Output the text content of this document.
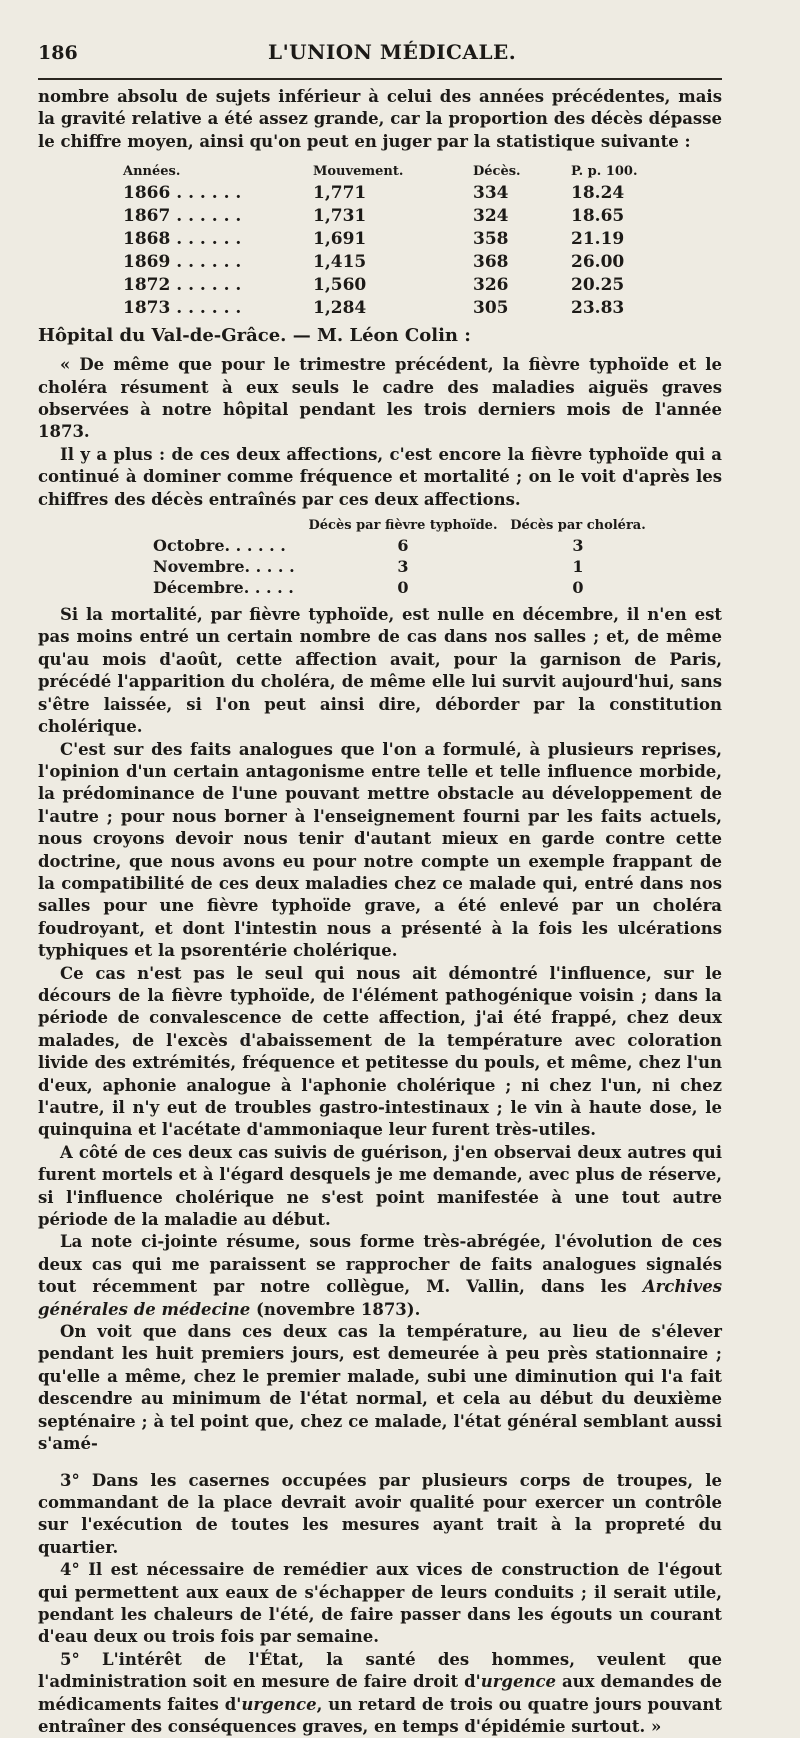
186	L'UNION MÉDICALE.

nombre absolu de sujets inférieur à celui des années précédentes, mais la gravité relative a été assez grande, car la proportion des décès dépasse le chiffre moyen, ainsi qu'on peut en juger par la statistique suivante :

Années.	Mouvement.	Décès.	P. p. 100.
1866 . . . . . .	1,771	334	18.24
1867 . . . . . .	1,731	324	18.65
1868 . . . . . .	1,691	358	21.19
1869 . . . . . .	1,415	368	26.00
1872 . . . . . .	1,560	326	20.25
1873 . . . . . .	1,284	305	23.83
Hôpital du Val-de-Grâce. — M. Léon Colin :

« De même que pour le trimestre précédent, la fièvre typhoïde et le choléra résument à eux seuls le cadre des maladies aiguës graves observées à notre hôpital pendant les trois derniers mois de l'année 1873.

Il y a plus : de ces deux affections, c'est encore la fièvre typhoïde qui a continué à dominer comme fréquence et mortalité ; on le voit d'après les chiffres des décès entraînés par ces deux affections.

	Décès par fièvre typhoïde.	Décès par choléra.
Octobre. . . . . .	6	3
Novembre. . . . .	3	1
Décembre. . . . .	0	0

Si la mortalité, par fièvre typhoïde, est nulle en décembre, il n'en est pas moins entré un certain nombre de cas dans nos salles ; et, de même qu'au mois d'août, cette affection avait, pour la garnison de Paris, précédé l'apparition du choléra, de même elle lui survit aujourd'hui, sans s'être laissée, si l'on peut ainsi dire, déborder par la constitution cholérique.

C'est sur des faits analogues que l'on a formulé, à plusieurs reprises, l'opinion d'un certain antagonisme entre telle et telle influence morbide, la prédominance de l'une pouvant mettre obstacle au développement de l'autre ; pour nous borner à l'enseignement fourni par les faits actuels, nous croyons devoir nous tenir d'autant mieux en garde contre cette doctrine, que nous avons eu pour notre compte un exemple frappant de la compatibilité de ces deux maladies chez ce malade qui, entré dans nos salles pour une fièvre typhoïde grave, a été enlevé par un choléra foudroyant, et dont l'intestin nous a présenté à la fois les ulcérations typhiques et la psorentérie cholérique.

Ce cas n'est pas le seul qui nous ait démontré l'influence, sur le décours de la fièvre typhoïde, de l'élément pathogénique voisin ; dans la période de convalescence de cette affection, j'ai été frappé, chez deux malades, de l'excès d'abaissement de la température avec coloration livide des extrémités, fréquence et petitesse du pouls, et même, chez l'un d'eux, aphonie analogue à l'aphonie cholérique ; ni chez l'un, ni chez l'autre, il n'y eut de troubles gastro-intestinaux ; le vin à haute dose, le quinquina et l'acétate d'ammoniaque leur furent très-utiles.

A côté de ces deux cas suivis de guérison, j'en observai deux autres qui furent mortels et à l'égard desquels je me demande, avec plus de réserve, si l'influence cholérique ne s'est point manifestée à une tout autre période de la maladie au début.

La note ci-jointe résume, sous forme très-abrégée, l'évolution de ces deux cas qui me paraissent se rapprocher de faits analogues signalés tout récemment par notre collègue, M. Vallin, dans les Archives générales de médecine (novembre 1873).

On voit que dans ces deux cas la température, au lieu de s'élever pendant les huit premiers jours, est demeurée à peu près stationnaire ; qu'elle a même, chez le premier malade, subi une diminution qui l'a fait descendre au minimum de l'état normal, et cela au début du deuxième septénaire ; à tel point que, chez ce malade, l'état général semblant aussi s'amé-

3° Dans les casernes occupées par plusieurs corps de troupes, le commandant de la place devrait avoir qualité pour exercer un contrôle sur l'exécution de toutes les mesures ayant trait à la propreté du quartier.

4° Il est nécessaire de remédier aux vices de construction de l'égout qui permettent aux eaux de s'échapper de leurs conduits ; il serait utile, pendant les chaleurs de l'été, de faire passer dans les égouts un courant d'eau deux ou trois fois par semaine.

5° L'intérêt de l'État, la santé des hommes, veulent que l'administration soit en mesure de faire droit d'urgence aux demandes de médicaments faites d'urgence, un retard de trois ou quatre jours pouvant entraîner des conséquences graves, en temps d'épidémie surtout. »
